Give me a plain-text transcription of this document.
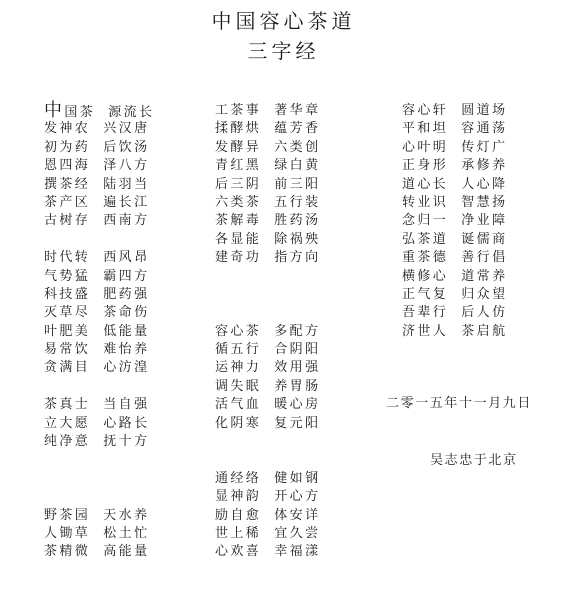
中国容心茶道
三字经
中国茶  源流长
发神农  兴汉唐
初为药  后饮汤
恩四海  泽八方
撰茶经  陆羽当
茶产区  遍长江
古树存  西南方
时代转  西风昂
气势猛  霸四方
科技盛  肥药强
灭草尽  茶命伤
叶肥美  低能量
易常饮  难怡养
贪满目  心汸湟
茶真士  当自强
立大愿  心路长
纯净意  抚十方
野茶园  天水养
人锄草  松土忙
茶精微  高能量
工茶事  著华章
揉酵烘  蕴芳香
发酵异  六类创
青红黑  绿白黄
后三阴  前三阳
六类茶  五行装
茶解毒  胜药汤
各显能  除祸殃
建奇功  指方向
容心茶  多配方
循五行  合阴阳
运神力  效用强
调失眠  养胃肠
活气血  暖心房
化阴寒  复元阳
通经络  健如钢
显神韵  开心方
励自愈  体安详
世上稀  宜久尝
心欢喜  幸福漾
容心轩  圆道场
平和坦  容通荡
心叶明  传灯广
正身形  承修养
道心长  人心降
转业识  智慧扬
念归一  净业障
弘茶道  诞儒商
重茶德  善行倡
横修心  道常养
正气复  归众望
吾辈行  后人仿
济世人  茶启航

二零一五年十一月九日

吴志忠于北京
